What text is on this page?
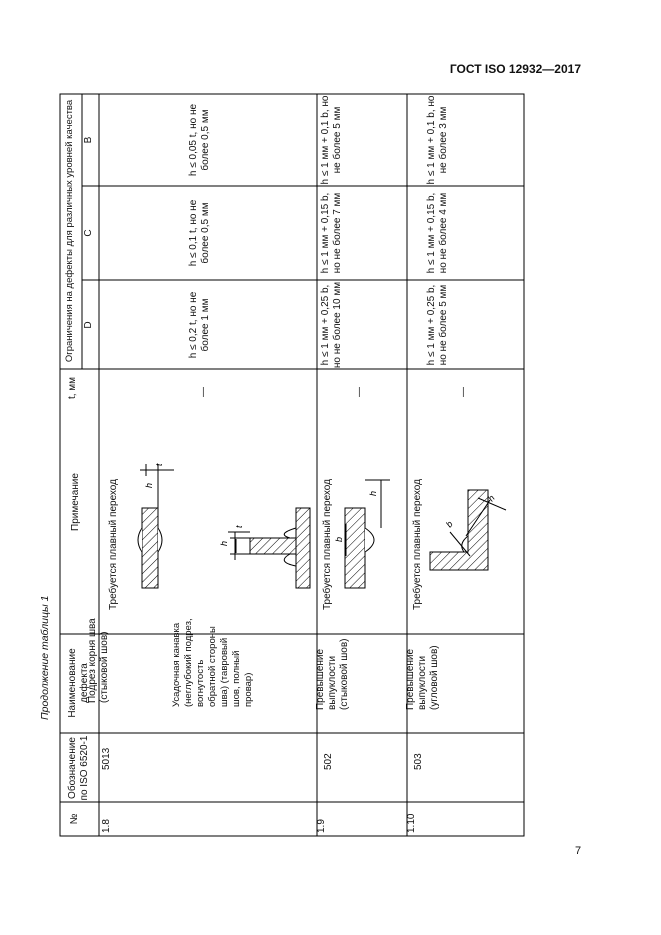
ГОСТ ISO 12932—2017
Продолжение таблицы 1
№
Обозначение по ISO 6520-1
Наименование дефекта
Примечание
t, мм
Ограничения на дефекты для различных уровней качества D
C
B
1.8
5013
Подрез корня шва (стыковой шов)	Усадочная канавка (неглубокий подрез, вогнутость обратной стороны шва) (тавровый шов, полный провар)
Требуется плавный переход
—
h ≤ 0,2 t, но не более 1 мм
h ≤ 0,1 t, но не более 0,5 мм
h ≤ 0,05 t, но не более 0,5 мм
h
t
h
t
1.9
502
Превышение выпуклости (стыковой шов)
Требуется плавный переход
—
h ≤ 1 мм + 0,25 b, но не более 10 мм
h ≤ 1 мм + 0,15 b, но не более 7 мм
h ≤ 1 мм + 0,1 b, но не более 5 мм
h
b
1.10
503
Превышение выпуклости (угловой шов)
Требуется плавный переход
—
h ≤ 1 мм + 0,25 b, но не более 5 мм
h ≤ 1 мм + 0,15 b, но не более 4 мм
h ≤ 1 мм + 0,1 b, но не более 3 мм
h
b
7
